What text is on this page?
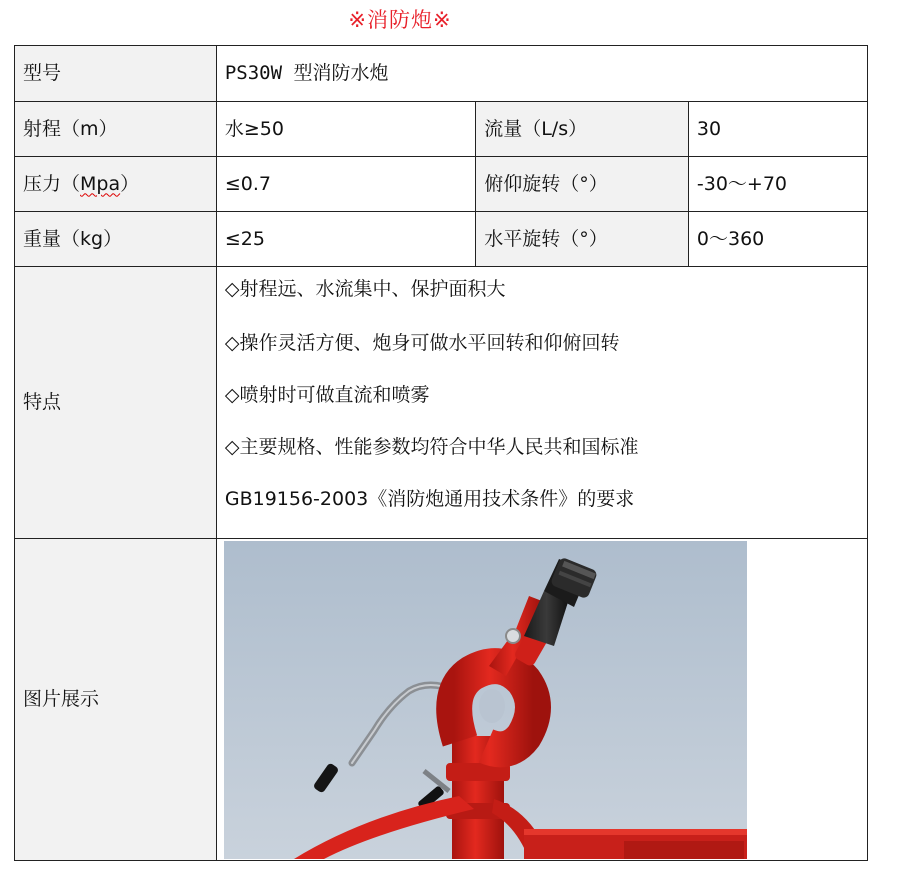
※消防炮※
型号	PS30W 型消防水炮		
射程（m）	水≥50	流量（L/s）	30
压力（Mpa）	≤0.7	俯仰旋转（°）	-30～+70
重量（kg）	≤25	水平旋转（°）	0～360
特点	◇射程远、水流集中、保护面积大
◇操作灵活方便、炮身可做水平回转和仰俯回转
◇喷射时可做直流和喷雾
◇主要规格、性能参数均符合中华人民共和国标准
GB19156-2003《消防炮通用技术条件》的要求		

图片展示	
